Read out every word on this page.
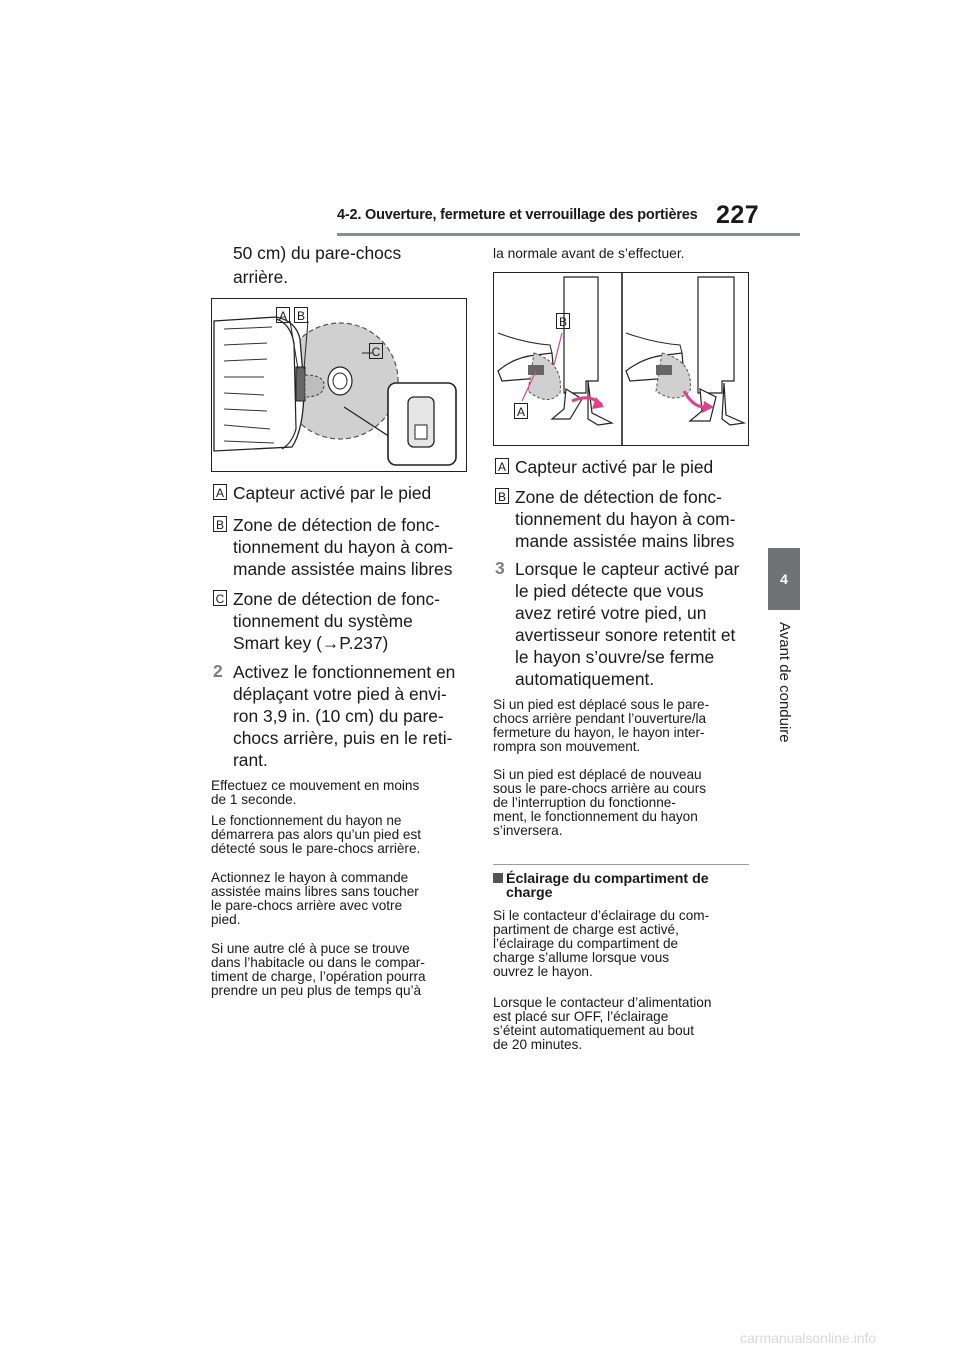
4-2. Ouverture, fermeture et verrouillage des portières 227
4
Avant de conduire
50 cm) du pare-chocs
arrière.
A B
C
A Capteur activé par le pied
B Zone de détection de fonc-
tionnement du hayon à com-
mande assistée mains libres
C Zone de détection de fonc-
tionnement du système
Smart key (→P.237)
2 Activez le fonctionnement en
déplaçant votre pied à envi-
ron 3,9 in. (10 cm) du pare-
chocs arrière, puis en le reti-
rant.
Effectuez ce mouvement en moins
de 1 seconde.
Le fonctionnement du hayon ne
démarrera pas alors qu’un pied est
détecté sous le pare-chocs arrière.
Actionnez le hayon à commande
assistée mains libres sans toucher
le pare-chocs arrière avec votre
pied.
Si une autre clé à puce se trouve
dans l’habitacle ou dans le compar-
timent de charge, l’opération pourra
prendre un peu plus de temps qu’à
la normale avant de s’effectuer.
B
A
A Capteur activé par le pied
B Zone de détection de fonc-
tionnement du hayon à com-
mande assistée mains libres
3 Lorsque le capteur activé par
le pied détecte que vous
avez retiré votre pied, un
avertisseur sonore retentit et
le hayon s’ouvre/se ferme
automatiquement.
Si un pied est déplacé sous le pare-
chocs arrière pendant l’ouverture/la
fermeture du hayon, le hayon inter-
rompra son mouvement.
Si un pied est déplacé de nouveau
sous le pare-chocs arrière au cours
de l’interruption du fonctionne-
ment, le fonctionnement du hayon
s’inversera.
Éclairage du compartiment de
charge
Si le contacteur d’éclairage du com-
partiment de charge est activé,
l’éclairage du compartiment de
charge s’allume lorsque vous
ouvrez le hayon.
Lorsque le contacteur d’alimentation
est placé sur OFF, l’éclairage
s’éteint automatiquement au bout
de 20 minutes.
carmanualsonline.info
